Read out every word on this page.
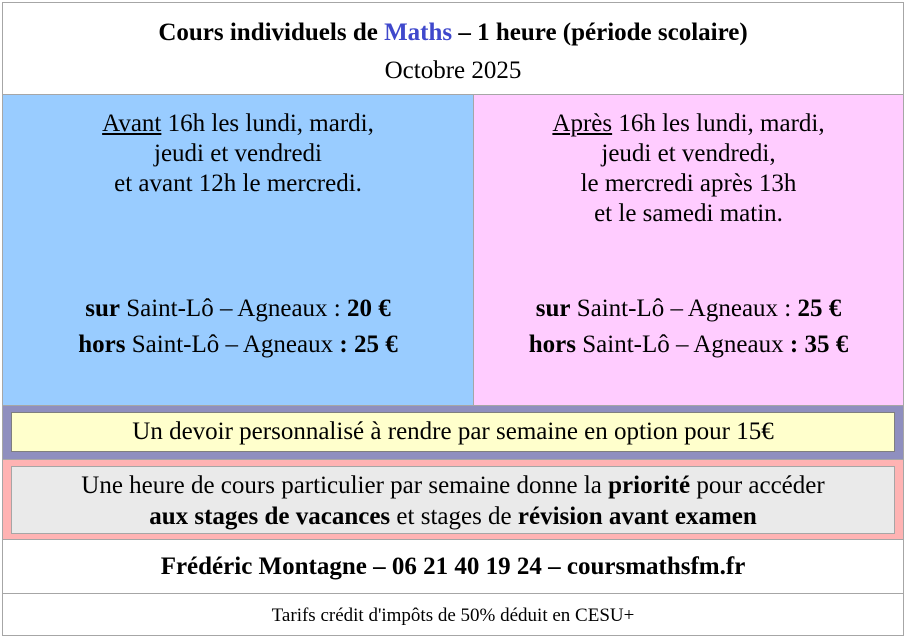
Cours individuels de Maths – 1 heure (période scolaire)
Octobre 2025
Avant 16h les lundi, mardi,
jeudi et vendredi
et avant 12h le mercredi.
sur Saint-Lô – Agneaux : 20 €
hors Saint-Lô – Agneaux : 25 €
Après 16h les lundi, mardi,
jeudi et vendredi,
le mercredi après 13h
et le samedi matin.
sur Saint-Lô – Agneaux : 25 €
hors Saint-Lô – Agneaux : 35 €
Un devoir personnalisé à rendre par semaine en option pour 15€
Une heure de cours particulier par semaine donne la priorité pour accéder
aux stages de vacances et stages de révision avant examen
Frédéric Montagne – 06 21 40 19 24 – coursmathsfm.fr
Tarifs crédit d'impôts de 50% déduit en CESU+
